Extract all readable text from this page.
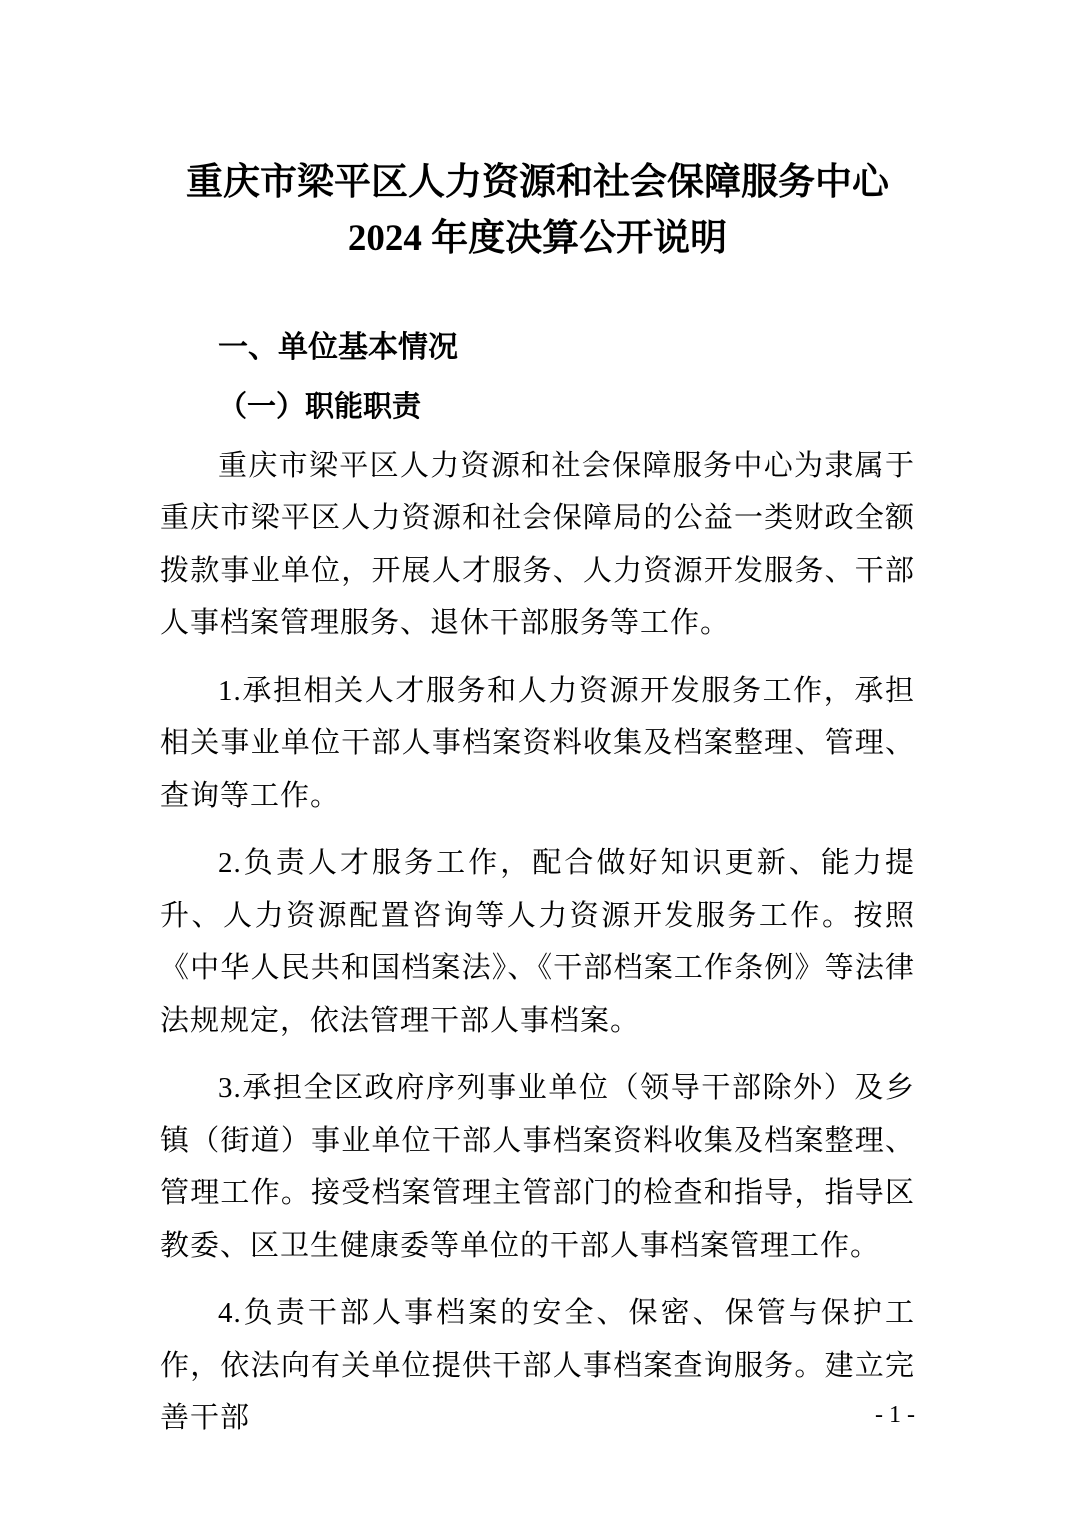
重庆市梁平区人力资源和社会保障服务中心
2024 年度决算公开说明
一、单位基本情况
（一）职能职责

重庆市梁平区人力资源和社会保障服务中心为隶属于重庆市梁平区人力资源和社会保障局的公益一类财政全额拨款事业单位，开展人才服务、人力资源开发服务、干部人事档案管理服务、退休干部服务等工作。

1.承担相关人才服务和人力资源开发服务工作，承担相关事业单位干部人事档案资料收集及档案整理、管理、查询等工作。

2.负责人才服务工作，配合做好知识更新、能力提升、人力资源配置咨询等人力资源开发服务工作。按照《中华人民共和国档案法》、《干部档案工作条例》等法律法规规定，依法管理干部人事档案。

3.承担全区政府序列事业单位（领导干部除外）及乡镇（街道）事业单位干部人事档案资料收集及档案整理、管理工作。接受档案管理主管部门的检查和指导，指导区教委、区卫生健康委等单位的干部人事档案管理工作。

4.负责干部人事档案的安全、保密、保管与保护工作，依法向有关单位提供干部人事档案查询服务。建立完善干部	- 1 -
